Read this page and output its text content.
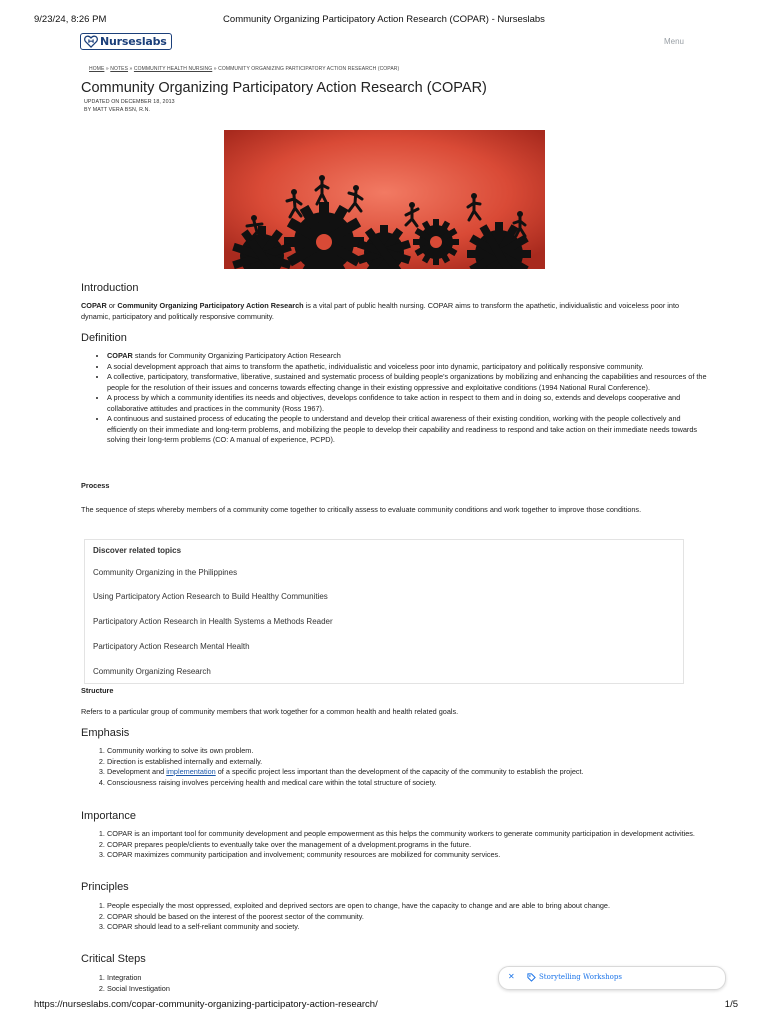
9/23/24, 8:26 PM	Community Organizing Participatory Action Research (COPAR) - Nurseslabs
Nurseslabs	Menu
HOME » NOTES » COMMUNITY HEALTH NURSING » COMMUNITY ORGANIZING PARTICIPATORY ACTION RESEARCH (COPAR)
Community Organizing Participatory Action Research (COPAR)
UPDATED ON DECEMBER 18, 2013
BY MATT VERA BSN, R.N.
Introduction
COPAR or Community Organizing Participatory Action Research is a vital part of public health nursing. COPAR aims to transform the apathetic, individualistic and voiceless poor into dynamic, participatory and politically responsive community.
Definition
• COPAR stands for Community Organizing Participatory Action Research
• A social development approach that aims to transform the apathetic, individualistic and voiceless poor into dynamic, participatory and politically responsive community.
• A collective, participatory, transformative, liberative, sustained and systematic process of building people's organizations by mobilizing and enhancing the capabilities and resources of the people for the resolution of their issues and concerns towards effecting change in their existing oppressive and exploitative conditions (1994 National Rural Conference).
• A process by which a community identifies its needs and objectives, develops confidence to take action in respect to them and in doing so, extends and develops cooperative and collaborative attitudes and practices in the community (Ross 1967).
• A continuous and sustained process of educating the people to understand and develop their critical awareness of their existing condition, working with the people collectively and efficiently on their immediate and long-term problems, and mobilizing the people to develop their capability and readiness to respond and take action on their immediate needs towards solving their long-term problems (CO: A manual of experience, PCPD).
Process
The sequence of steps whereby members of a community come together to critically assess to evaluate community conditions and work together to improve those conditions.
Discover related topics
Community Organizing in the Philippines
Using Participatory Action Research to Build Healthy Communities
Participatory Action Research in Health Systems a Methods Reader
Participatory Action Research Mental Health
Community Organizing Research
Structure
Refers to a particular group of community members that work together for a common health and health related goals.
Emphasis
1. Community working to solve its own problem.
2. Direction is established internally and externally.
3. Development and implementation of a specific project less important than the development of the capacity of the community to establish the project.
4. Consciousness raising involves perceiving health and medical care within the total structure of society.
Importance
1. COPAR is an important tool for community development and people empowerment as this helps the community workers to generate community participation in development activities.
2. COPAR prepares people/clients to eventually take over the management of a dvelopment.programs in the future.
3. COPAR maximizes community participation and involvement; community resources are mobilized for community services.
Principles
1. People especially the most oppressed, exploited and deprived sectors are open to change, have the capacity to change and are able to bring about change.
2. COPAR should be based on the interest of the poorest sector of the community.
3. COPAR should lead to a self-reliant community and society.
Critical Steps
1. Integration
2. Social Investigation
✕	Storytelling Workshops
https://nurseslabs.com/copar-community-organizing-participatory-action-research/	1/5
